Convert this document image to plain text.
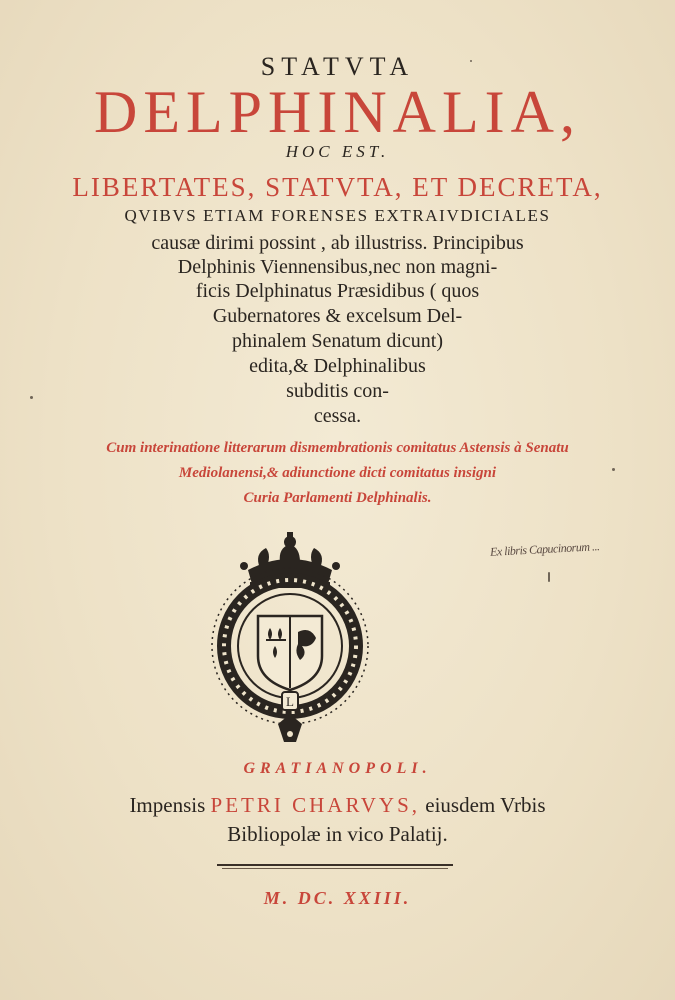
STATVTA
DELPHINALIA,
HOC EST.
LIBERTATES, STATVTA, ET DECRETA,
QVIBVS ETIAM FORENSES EXTRAIVDICIALES
causæ dirimi possint , ab illustriss. Principibus
Delphinis Viennensibus,nec non magni-
ficis Delphinatus Præsidibus ( quos
Gubernatores & excelsum Del-
phinalem Senatum dicunt)
edita,& Delphinalibus
subditis con-
cessa.
Cum interinatione litterarum dismembrationis comitatus Astensis à Senatu
Mediolanensi,& adiunctione dicti comitatus insigni
Curia Parlamenti Delphinalis.
Ex libris Capucinorum ...
L
GRATIANOPOLI.
Impensis PETRI CHARVYS, eiusdem Vrbis
Bibliopolæ in vico Palatij.
M. DC. XXIII.
